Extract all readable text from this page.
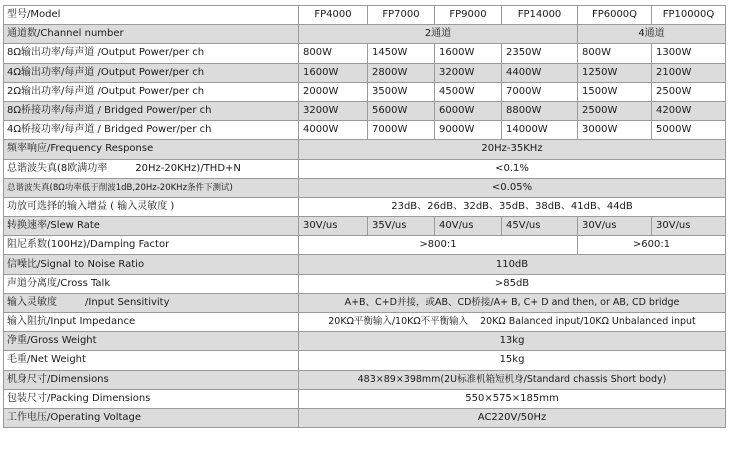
型号/Model	FP4000	FP7000	FP9000	FP14000	FP6000Q	FP10000Q
通道数/Channel number	2通道				4通道	
8Ω输出功率/每声道 /Output Power/per ch	800W	1450W	1600W	2350W	800W	1300W
4Ω输出功率/每声道 /Output Power/per ch	1600W	2800W	3200W	4400W	1250W	2100W
2Ω输出功率/每声道 /Output Power/per ch	2000W	3500W	4500W	7000W	1500W	2500W
8Ω桥接功率/每声道 / Bridged Power/per ch	3200W	5600W	6000W	8800W	2500W	4200W
4Ω桥接功率/每声道 / Bridged Power/per ch	4000W	7000W	9000W	14000W	3000W	5000W
频率响应/Frequency Response	20Hz-35KHz					
总谐波失真(8欧满功率 20Hz-20KHz)/THD+N	<0.1%					
总谐波失真(8Ω功率低于削波1dB,20Hz-20KHz条件下测试)	<0.05%					
功放可选择的输入增益 ( 输入灵敏度 )	23dB、26dB、32dB、35dB、38dB、41dB、44dB					
转换速率/Slew Rate	30V/us	35V/us	40V/us	45V/us	30V/us	30V/us
阻尼系数(100Hz)/Damping Factor	>800:1				>600:1	
信噪比/Signal to Noise Ratio	110dB					
声道分离度/Cross Talk	>85dB					
输入灵敏度 /Input Sensitivity	A+B、C+D并接，或AB、CD桥接/A+ B, C+ D and then, or AB, CD bridge					
输入阻抗/Input Impedance	20KΩ平衡输入/10KΩ不平衡输入 20KΩ Balanced input/10KΩ Unbalanced input					
净重/Gross Weight	13kg					
毛重/Net Weight	15kg					
机身尺寸/Dimensions	483×89×398mm(2U标准机箱短机身/Standard chassis Short body)					
包装尺寸/Packing Dimensions	550×575×185mm					
工作电压/Operating Voltage	AC220V/50Hz					
